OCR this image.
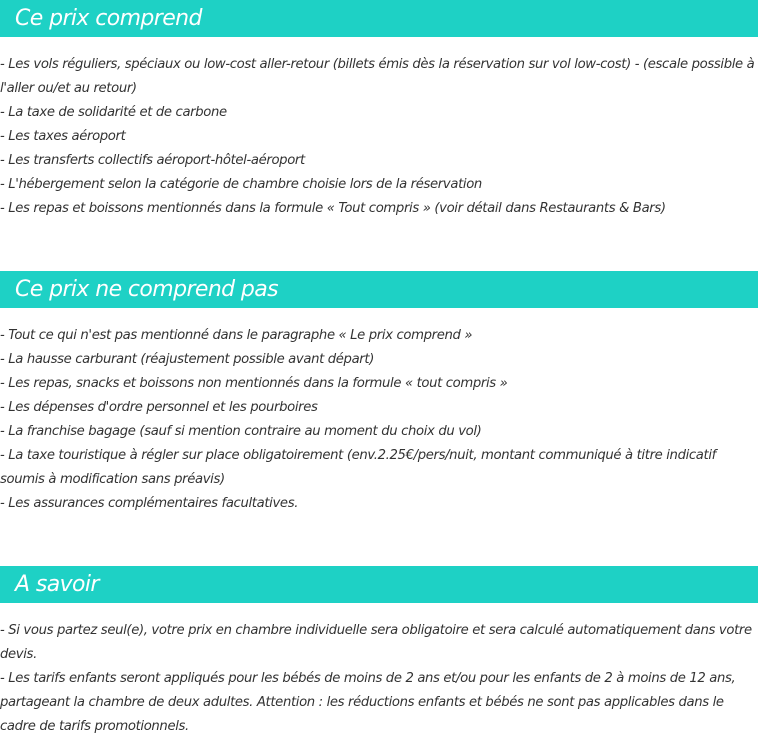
Ce prix comprend

- Les vols réguliers, spéciaux ou low-cost aller-retour (billets émis dès la réservation sur vol low-cost) - (escale possible à l'aller ou/et au retour)

- La taxe de solidarité et de carbone

- Les taxes aéroport

- Les transferts collectifs aéroport-hôtel-aéroport

- L'hébergement selon la catégorie de chambre choisie lors de la réservation

- Les repas et boissons mentionnés dans la formule « Tout compris » (voir détail dans Restaurants & Bars)

Ce prix ne comprend pas

- Tout ce qui n'est pas mentionné dans le paragraphe « Le prix comprend »

- La hausse carburant (réajustement possible avant départ)

- Les repas, snacks et boissons non mentionnés dans la formule « tout compris »

- Les dépenses d'ordre personnel et les pourboires

- La franchise bagage (sauf si mention contraire au moment du choix du vol)

- La taxe touristique à régler sur place obligatoirement (env.2.25€/pers/nuit, montant communiqué à titre indicatif soumis à modification sans préavis)

- Les assurances complémentaires facultatives.

A savoir

- Si vous partez seul(e), votre prix en chambre individuelle sera obligatoire et sera calculé automatiquement dans votre devis.

- Les tarifs enfants seront appliqués pour les bébés de moins de 2 ans et/ou pour les enfants de 2 à moins de 12 ans, partageant la chambre de deux adultes. Attention : les réductions enfants et bébés ne sont pas applicables dans le cadre de tarifs promotionnels.
